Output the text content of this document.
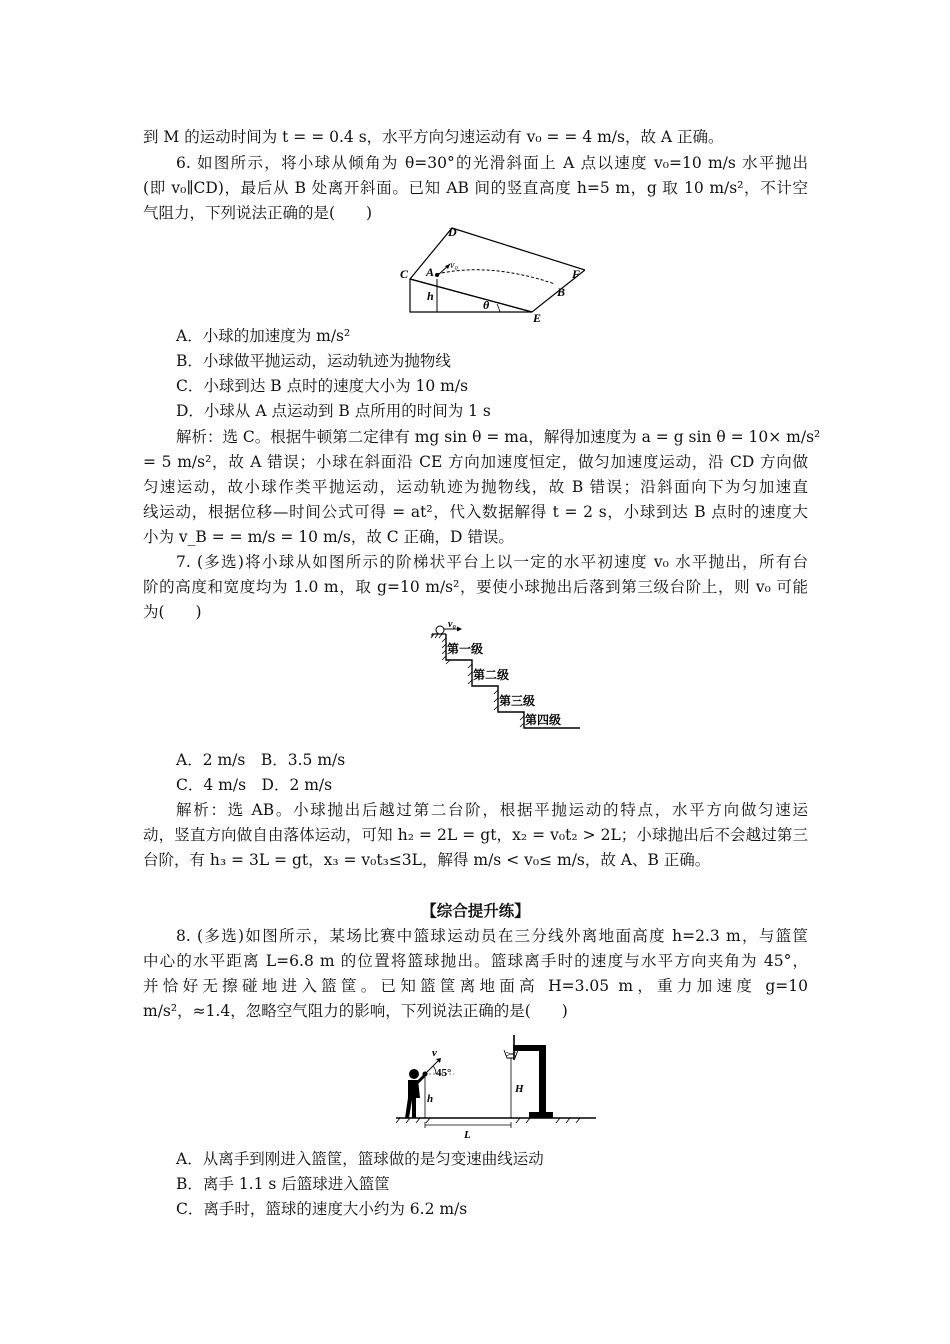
到 M 的运动时间为 t = = 0.4 s，水平方向匀速运动有 v₀ = = 4 m/s，故 A 正确。
6. 如图所示，将小球从倾角为 θ=30°的光滑斜面上 A 点以速度 v₀=10 m/s 水平抛出
(即 v₀∥CD)，最后从 B 处离开斜面。已知 AB 间的竖直高度 h=5 m，g 取 10 m/s²，不计空
气阻力，下列说法正确的是(　　)
D
C A v₀
F
B
h
θ
E
A．小球的加速度为 m/s²
B．小球做平抛运动，运动轨迹为抛物线
C．小球到达 B 点时的速度大小为 10 m/s
D．小球从 A 点运动到 B 点所用的时间为 1 s
解析：选 C。根据牛顿第二定律有 mg sin θ = ma，解得加速度为 a = g sin θ = 10× m/s²
= 5 m/s²，故 A 错误；小球在斜面沿 CE 方向加速度恒定，做匀加速度运动，沿 CD 方向做
匀速运动，故小球作类平抛运动，运动轨迹为抛物线，故 B 错误；沿斜面向下为匀加速直
线运动，根据位移—时间公式可得 = at²，代入数据解得 t = 2 s，小球到达 B 点时的速度大
小为 v_B = = m/s = 10 m/s，故 C 正确，D 错误。
7. (多选)将小球从如图所示的阶梯状平台上以一定的水平初速度 v₀ 水平抛出，所有台
阶的高度和宽度均为 1.0 m，取 g=10 m/s²，要使小球抛出后落到第三级台阶上，则 v₀ 可能
为(　　)
v₀
第一级
第二级
第三级
第四级
A．2 m/s　B．3.5 m/s
C．4 m/s　D．2 m/s
解析：选 AB。小球抛出后越过第二台阶，根据平抛运动的特点，水平方向做匀速运
动，竖直方向做自由落体运动，可知 h₂ = 2L = gt，x₂ = v₀t₂ > 2L；小球抛出后不会越过第三
台阶，有 h₃ = 3L = gt，x₃ = v₀t₃≤3L，解得 m/s < v₀≤ m/s，故 A、B 正确。
【综合提升练】
8. (多选)如图所示，某场比赛中篮球运动员在三分线外离地面高度 h=2.3 m，与篮筐
中心的水平距离 L=6.8 m 的位置将篮球抛出。篮球离手时的速度与水平方向夹角为 45°，
并恰好无擦碰地进入篮筐。已知篮筐离地面高 H=3.05 m，重力加速度 g=10
m/s²，≈1.4，忽略空气阻力的影响，下列说法正确的是(　　)
v
45°
h
H
L
A．从离手到刚进入篮筐，篮球做的是匀变速曲线运动
B．离手 1.1 s 后篮球进入篮筐
C．离手时，篮球的速度大小约为 6.2 m/s
